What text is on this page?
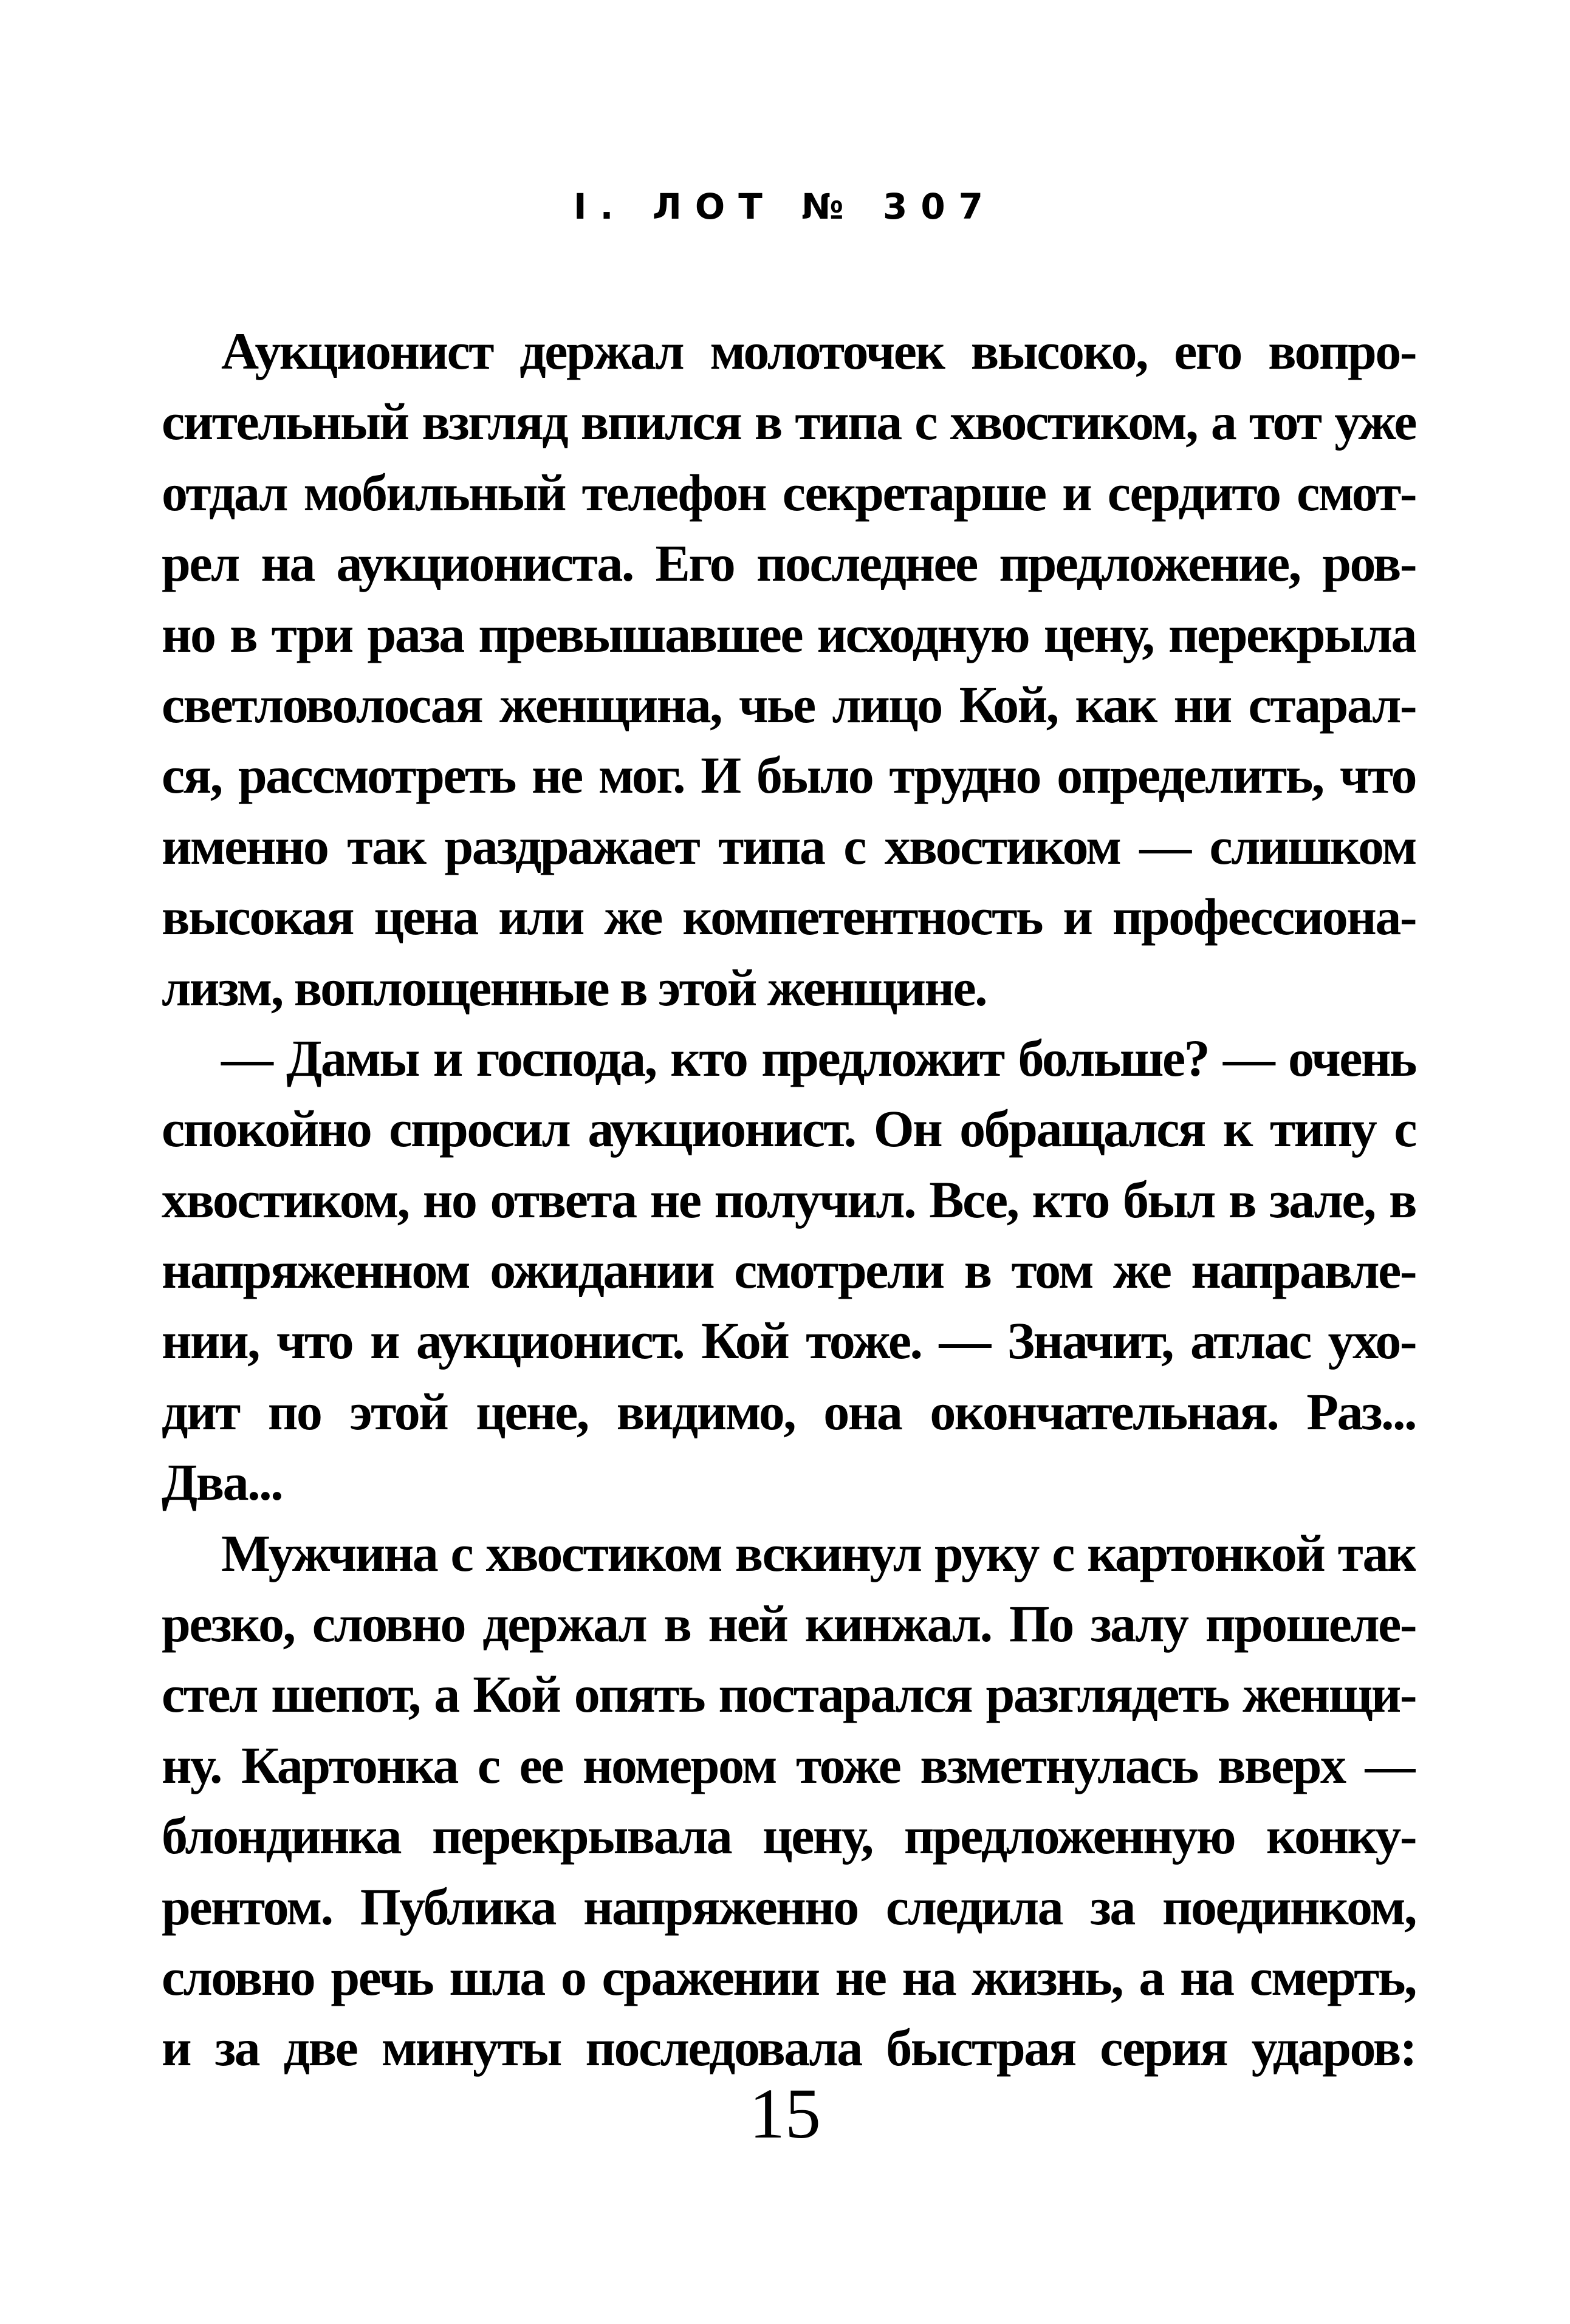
I. ЛОТ № 307
Аукционист держал молоточек высоко, его вопро-
сительный взгляд впился в типа с хвостиком, а тот уже
отдал мобильный телефон секретарше и сердито смот-
рел на аукциониста. Его последнее предложение, ров-
но в три раза превышавшее исходную цену, перекрыла
светловолосая женщина, чье лицо Кой, как ни старал-
ся, рассмотреть не мог. И было трудно определить, что
именно так раздражает типа с хвостиком — слишком
высокая цена или же компетентность и профессиона-
лизм, воплощенные в этой женщине.
— Дамы и господа, кто предложит больше? — очень
спокойно спросил аукционист. Он обращался к типу с
хвостиком, но ответа не получил. Все, кто был в зале, в
напряженном ожидании смотрели в том же направле-
нии, что и аукционист. Кой тоже. — Значит, атлас ухо-
дит по этой цене, видимо, она окончательная. Раз...
Два...
Мужчина с хвостиком вскинул руку с картонкой так
резко, словно держал в ней кинжал. По залу прошеле-
стел шепот, а Кой опять постарался разглядеть женщи-
ну. Картонка с ее номером тоже взметнулась вверх —
блондинка перекрывала цену, предложенную конку-
рентом. Публика напряженно следила за поединком,
словно речь шла о сражении не на жизнь, а на смерть,
и за две минуты последовала быстрая серия ударов:
15
